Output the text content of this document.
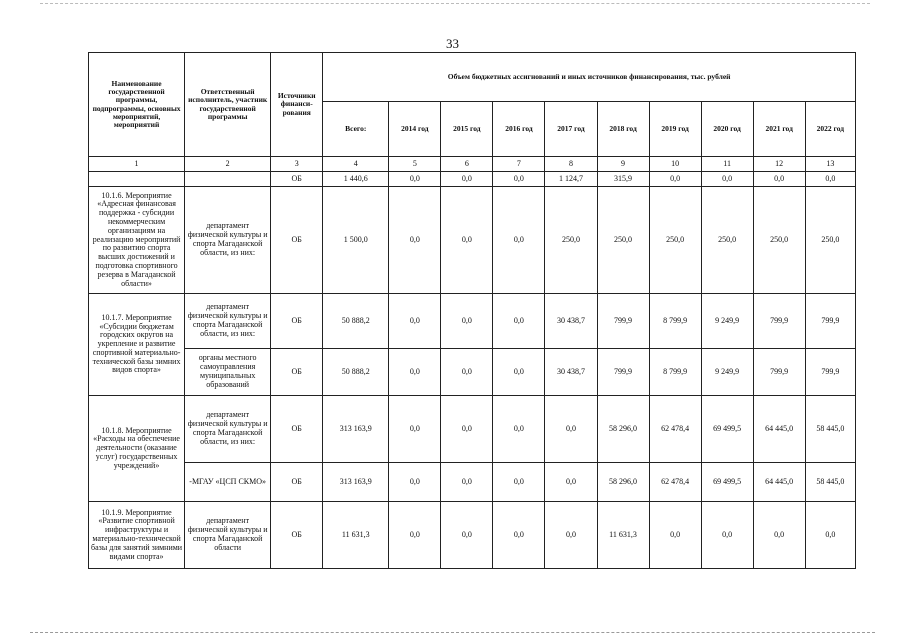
33
Наименование государственной программы, подпрограммы, основных мероприятий, мероприятий	Ответственный исполнитель, участник государственной программы	Источники финанси-рования	Объем бюджетных ассигнований и иных источников финансирования, тыс. рублей									
			Всего:	2014 год	2015 год	2016 год	2017 год	2018 год	2019 год	2020 год	2021 год	2022 год
1	2	3	4	5	6	7	8	9	10	11	12	13
		ОБ	1 440,6	0,0	0,0	0,0	1 124,7	315,9	0,0	0,0	0,0	0,0
10.1.6. Мероприятие «Адресная финансовая поддержка - субсидии некоммерческим организациям на реализацию мероприятий по развитию спорта высших достижений и подготовка спортивного резерва в Магаданской области»	департамент физической культуры и спорта Магаданской области, из них:	ОБ	1 500,0	0,0	0,0	0,0	250,0	250,0	250,0	250,0	250,0	250,0
10.1.7. Мероприятие «Субсидии бюджетам городских округов на укрепление и развитие спортивной материально-технической базы зимних видов спорта»	департамент физической культуры и спорта Магаданской области, из них:	ОБ	50 888,2	0,0	0,0	0,0	30 438,7	799,9	8 799,9	9 249,9	799,9	799,9
	органы местного самоуправления муниципальных образований	ОБ	50 888,2	0,0	0,0	0,0	30 438,7	799,9	8 799,9	9 249,9	799,9	799,9
10.1.8. Мероприятие «Расходы на обеспечение деятельности (оказание услуг) государственных учреждений»	департамент физической культуры и спорта Магаданской области, из них:	ОБ	313 163,9	0,0	0,0	0,0	0,0	58 296,0	62 478,4	69 499,5	64 445,0	58 445,0
	-МГАУ «ЦСП СКМО»	ОБ	313 163,9	0,0	0,0	0,0	0,0	58 296,0	62 478,4	69 499,5	64 445,0	58 445,0
10.1.9. Мероприятие «Развитие спортивной инфраструктуры и материально-технической базы для занятий зимними видами спорта»	департамент физической культуры и спорта Магаданской области	ОБ	11 631,3	0,0	0,0	0,0	0,0	11 631,3	0,0	0,0	0,0	0,0
